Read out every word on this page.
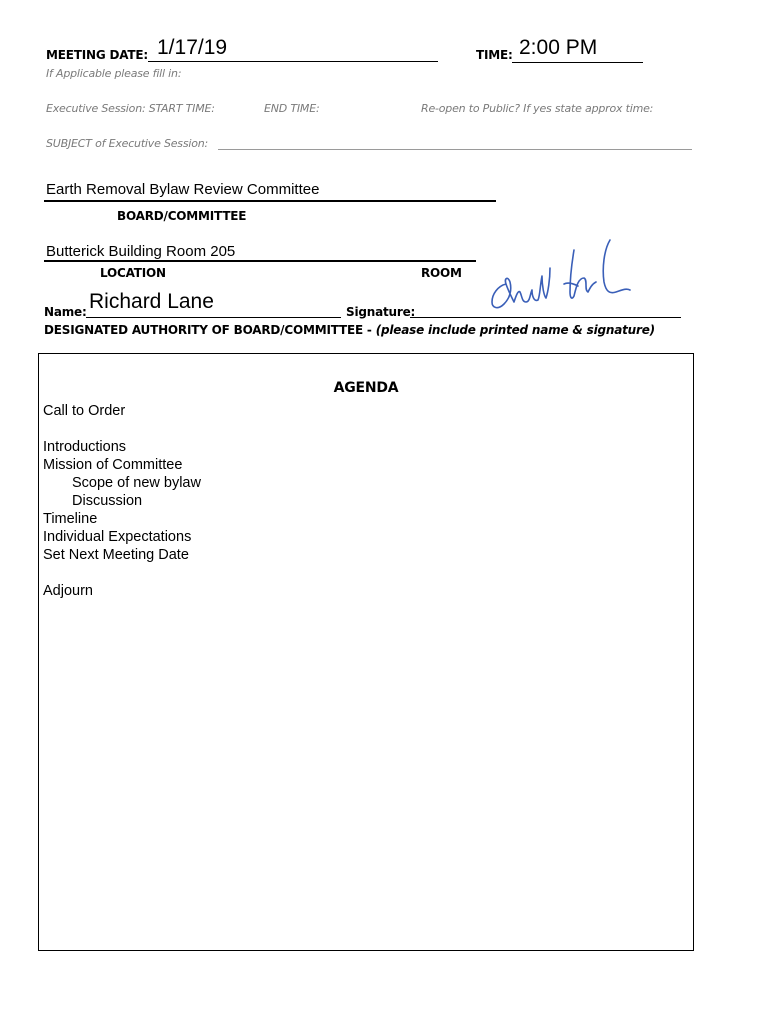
MEETING DATE: 1/17/19	TIME: 2:00 PM
If Applicable please fill in:
Executive Session: START TIME:	END TIME:	Re-open to Public? If yes state approx time:
SUBJECT of Executive Session:
Earth Removal Bylaw Review Committee
BOARD/COMMITTEE
Butterick Building Room 205
LOCATION	ROOM
Name: Richard Lane	Signature:
DESIGNATED AUTHORITY OF BOARD/COMMITTEE - (please include printed name & signature)
AGENDA
Call to Order
Introductions
Mission of Committee
Scope of new bylaw
Discussion
Timeline
Individual Expectations
Set Next Meeting Date
Adjourn
